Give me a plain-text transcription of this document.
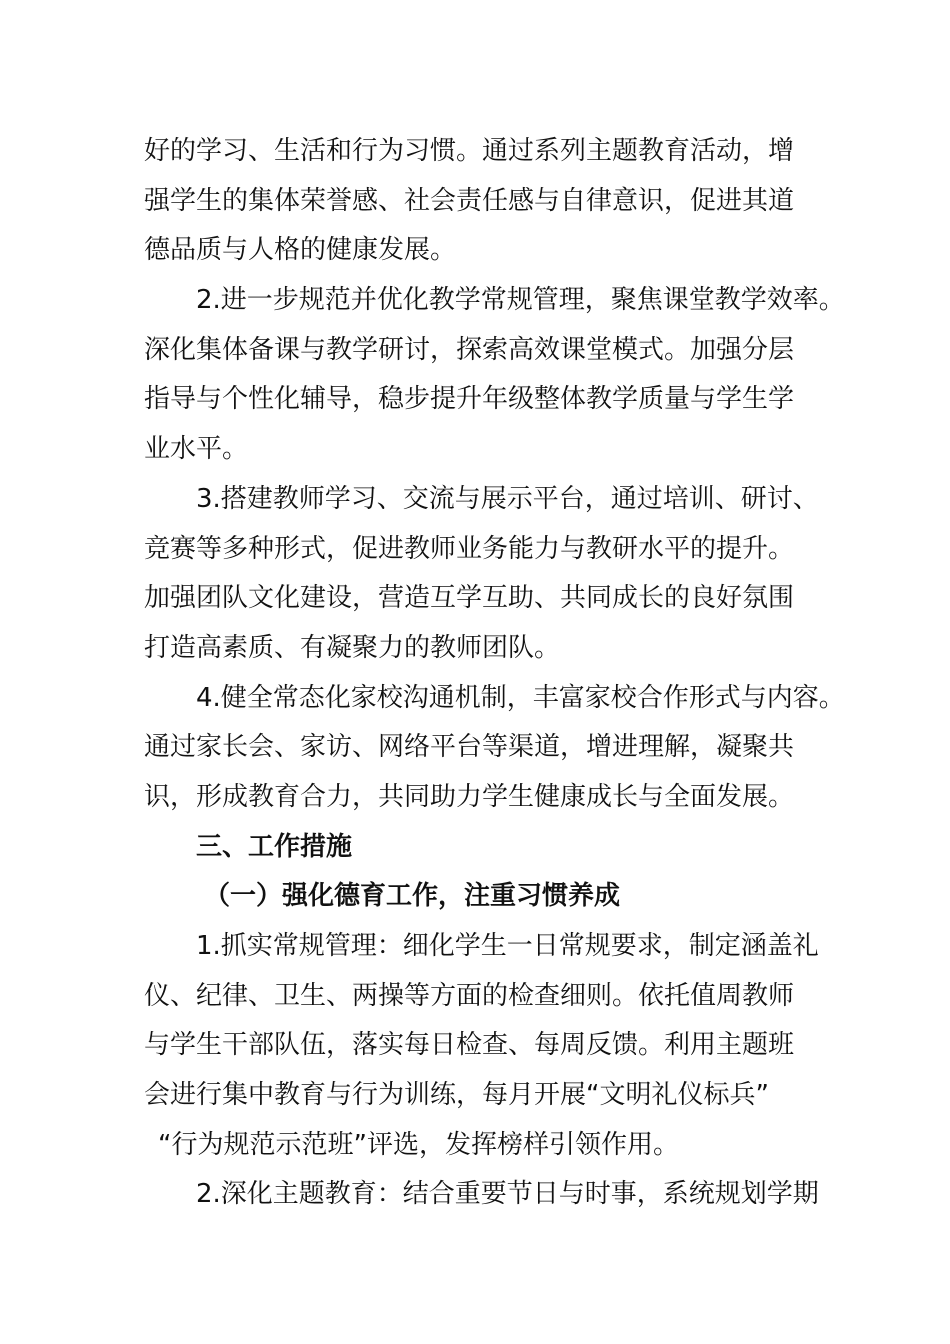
好的学习、生活和行为习惯。通过系列主题教育活动，增
强学生的集体荣誉感、社会责任感与自律意识，促进其道
德品质与人格的健康发展。
2.进一步规范并优化教学常规管理，聚焦课堂教学效率。
深化集体备课与教学研讨，探索高效课堂模式。加强分层
指导与个性化辅导，稳步提升年级整体教学质量与学生学
业水平。
3.搭建教师学习、交流与展示平台，通过培训、研讨、
竞赛等多种形式，促进教师业务能力与教研水平的提升。
加强团队文化建设，营造互学互助、共同成长的良好氛围
打造高素质、有凝聚力的教师团队。
4.健全常态化家校沟通机制，丰富家校合作形式与内容。
通过家长会、家访、网络平台等渠道，增进理解，凝聚共
识，形成教育合力，共同助力学生健康成长与全面发展。
三、工作措施
（一）强化德育工作，注重习惯养成
1.抓实常规管理：细化学生一日常规要求，制定涵盖礼
仪、纪律、卫生、两操等方面的检查细则。依托值周教师
与学生干部队伍，落实每日检查、每周反馈。利用主题班
会进行集中教育与行为训练，每月开展“文明礼仪标兵”
“行为规范示范班”评选，发挥榜样引领作用。
2.深化主题教育：结合重要节日与时事，系统规划学期
